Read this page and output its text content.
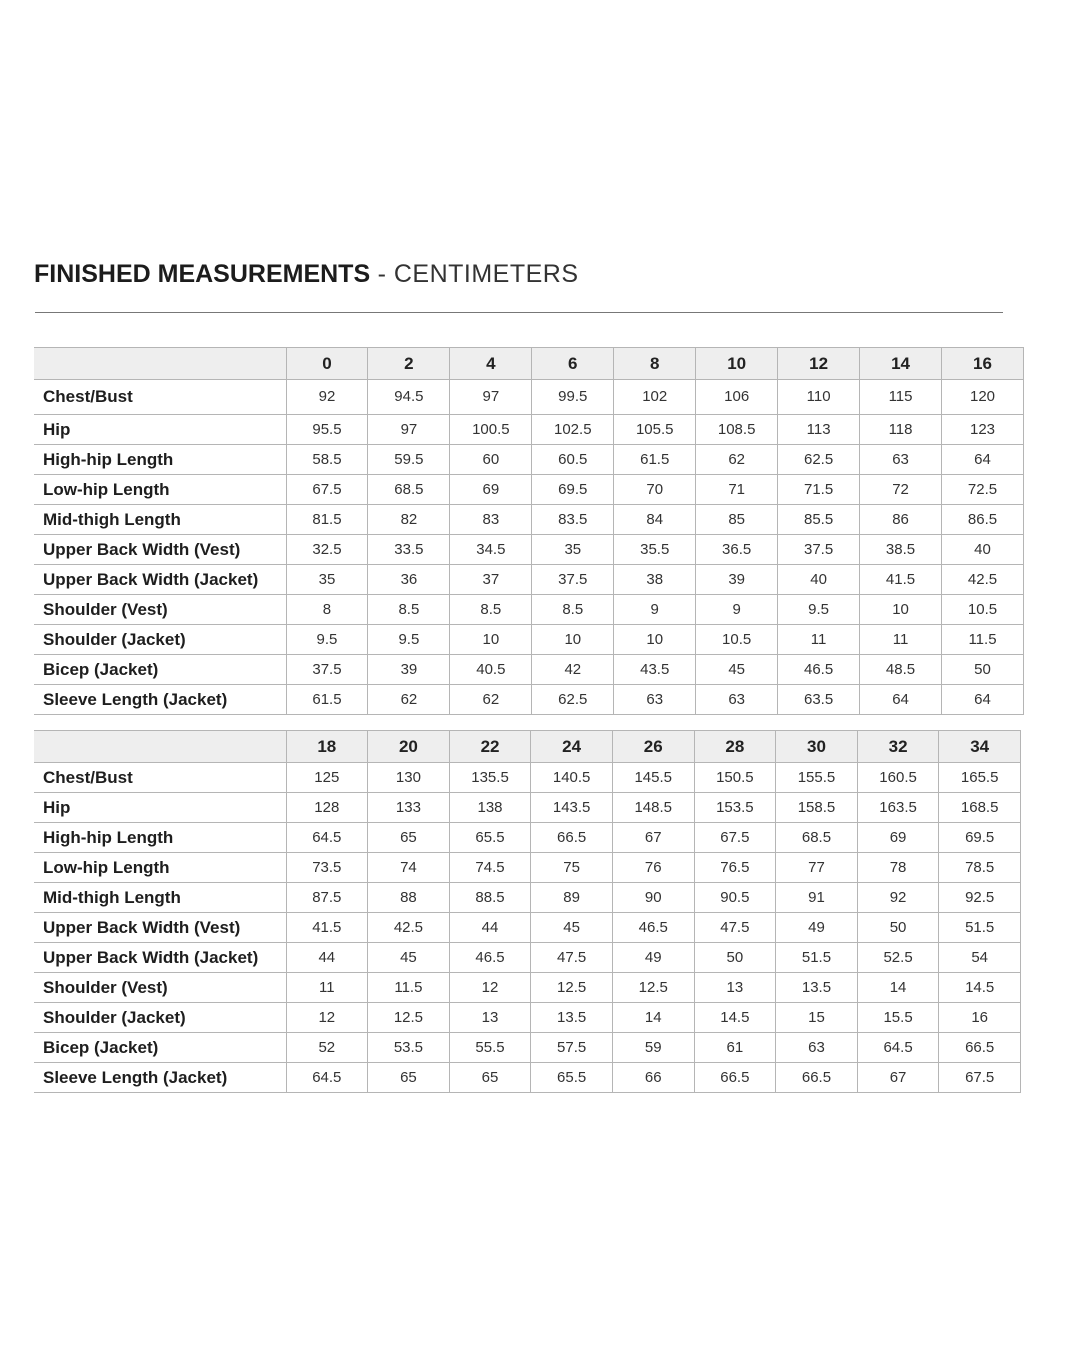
FINISHED MEASUREMENTS - CENTIMETERS
	0	2	4	6	8	10	12	14	16
Chest/Bust	92	94.5	97	99.5	102	106	110	115	120
Hip	95.5	97	100.5	102.5	105.5	108.5	113	118	123
High-hip Length	58.5	59.5	60	60.5	61.5	62	62.5	63	64
Low-hip Length	67.5	68.5	69	69.5	70	71	71.5	72	72.5
Mid-thigh Length	81.5	82	83	83.5	84	85	85.5	86	86.5
Upper Back Width (Vest)	32.5	33.5	34.5	35	35.5	36.5	37.5	38.5	40
Upper Back Width (Jacket)	35	36	37	37.5	38	39	40	41.5	42.5
Shoulder (Vest)	8	8.5	8.5	8.5	9	9	9.5	10	10.5
Shoulder (Jacket)	9.5	9.5	10	10	10	10.5	11	11	11.5
Bicep (Jacket)	37.5	39	40.5	42	43.5	45	46.5	48.5	50
Sleeve Length (Jacket)	61.5	62	62	62.5	63	63	63.5	64	64
	18	20	22	24	26	28	30	32	34
Chest/Bust	125	130	135.5	140.5	145.5	150.5	155.5	160.5	165.5
Hip	128	133	138	143.5	148.5	153.5	158.5	163.5	168.5
High-hip Length	64.5	65	65.5	66.5	67	67.5	68.5	69	69.5
Low-hip Length	73.5	74	74.5	75	76	76.5	77	78	78.5
Mid-thigh Length	87.5	88	88.5	89	90	90.5	91	92	92.5
Upper Back Width (Vest)	41.5	42.5	44	45	46.5	47.5	49	50	51.5
Upper Back Width (Jacket)	44	45	46.5	47.5	49	50	51.5	52.5	54
Shoulder (Vest)	11	11.5	12	12.5	12.5	13	13.5	14	14.5
Shoulder (Jacket)	12	12.5	13	13.5	14	14.5	15	15.5	16
Bicep (Jacket)	52	53.5	55.5	57.5	59	61	63	64.5	66.5
Sleeve Length (Jacket)	64.5	65	65	65.5	66	66.5	66.5	67	67.5
